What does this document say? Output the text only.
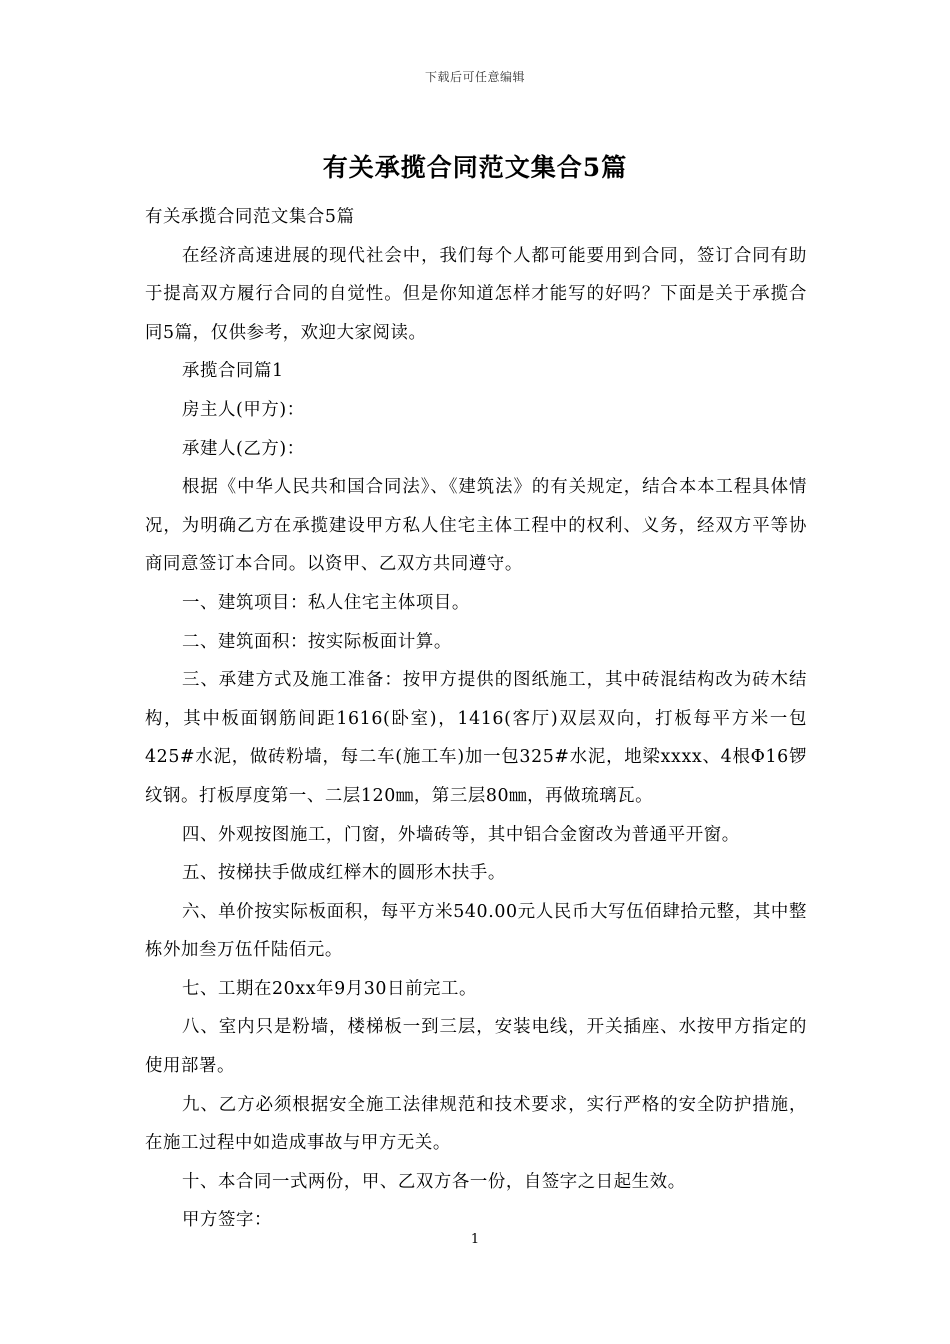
下载后可任意编辑
有关承揽合同范文集合5篇

有关承揽合同范文集合5篇

在经济高速进展的现代社会中，我们每个人都可能要用到合同，签订合同有助于提高双方履行合同的自觉性。但是你知道怎样才能写的好吗？下面是关于承揽合同5篇，仅供参考，欢迎大家阅读。

承揽合同篇1

房主人(甲方)：

承建人(乙方)：

根据《中华人民共和国合同法》、《建筑法》的有关规定，结合本本工程具体情况，为明确乙方在承揽建设甲方私人住宅主体工程中的权利、义务，经双方平等协商同意签订本合同。以资甲、乙双方共同遵守。

一、建筑项目：私人住宅主体项目。

二、建筑面积：按实际板面计算。

三、承建方式及施工准备：按甲方提供的图纸施工，其中砖混结构改为砖木结构，其中板面钢筋间距1616(卧室)，1416(客厅)双层双向，打板每平方米一包425#水泥，做砖粉墙，每二车(施工车)加一包325#水泥，地梁xxxx、4根Φ16锣纹钢。打板厚度第一、二层120㎜，第三层80㎜，再做琉璃瓦。

四、外观按图施工，门窗，外墙砖等，其中铝合金窗改为普通平开窗。

五、按梯扶手做成红榉木的圆形木扶手。

六、单价按实际板面积，每平方米540.00元人民币大写伍佰肆拾元整，其中整栋外加叁万伍仟陆佰元。

七、工期在20xx年9月30日前完工。

八、室内只是粉墙，楼梯板一到三层，安装电线，开关插座、水按甲方指定的使用部署。

九、乙方必须根据安全施工法律规范和技术要求，实行严格的安全防护措施，在施工过程中如造成事故与甲方无关。

十、本合同一式两份，甲、乙双方各一份，自签字之日起生效。

甲方签字：

1
